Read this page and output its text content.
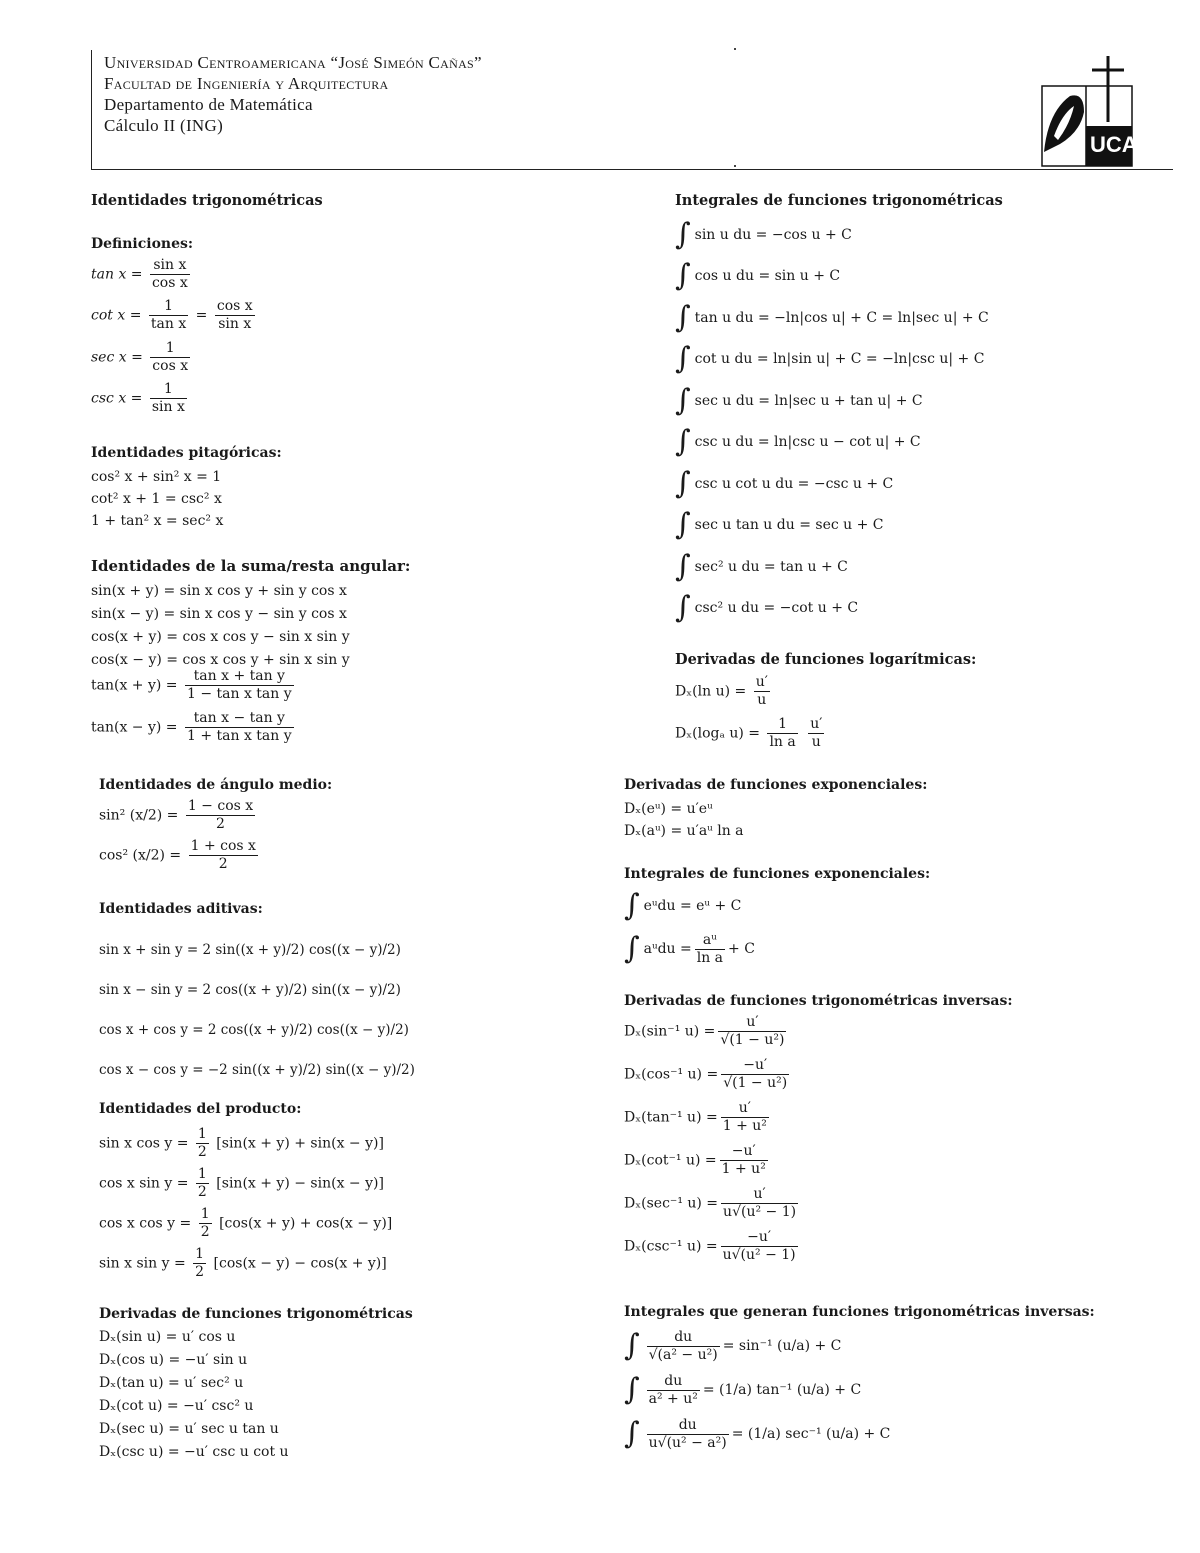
Universidad Centroamericana “José Simeón Cañas”
Facultad de Ingeniería y Arquitectura
Departamento de Matemática
Cálculo II (ING)
UCA
Identidades trigonométricas
Definiciones:
$\tan x = \frac{\text{sin x}}{\text{cos x}}$
$\cot x = \frac{1}{\text{tan x}} = \frac{\text{cos x}}{\text{sin x}}$
$\sec x = \frac{1}{\text{cos x}}$
$\csc x = \frac{1}{\text{sin x}}$
Identidades pitagóricas:
cos² x + sin² x = 1
cot² x + 1 = csc² x
1 + tan² x = sec² x
Identidades de la suma/resta angular:
sin(x + y) = sin x cos y + sin y cos x
sin(x − y) = sin x cos y − sin y cos x
cos(x + y) = cos x cos y − sin x sin y
cos(x − y) = cos x cos y + sin x sin y
$\tan(x + y) = \frac{\text{tan x + tan y}}{\text{1 − tan x tan y}}$
$\tan(x - y) = \frac{\text{tan x − tan y}}{\text{1 + tan x tan y}}$
Identidades de ángulo medio:
sin² $(x/2) = \frac{\text{1 − cos x}}{2}$
cos² $(x/2) = \frac{\text{1 + cos x}}{2}$
Identidades aditivas:
sin x + sin y = 2 sin((x + y)/2) cos((x − y)/2)
sin x − sin y = 2 cos((x + y)/2) sin((x − y)/2)
cos x + cos y = 2 cos((x + y)/2) cos((x − y)/2)
cos x − cos y = −2 sin((x + y)/2) sin((x − y)/2)
Identidades del producto:
sin x $\cos y = \frac{1}{2} [\sin(x + y) + \sin(x - y)]$
cos x $\sin y = \frac{1}{2} [\sin(x + y) - \sin(x - y)]$
cos x $\cos y = \frac{1}{2} [\cos(x + y) + \cos(x - y)]$
sin x $\sin y = \frac{1}{2} [\cos(x - y) - \cos(x + y)]$
Derivadas de funciones trigonométricas
Dₓ(sin u) = u′ cos u
Dₓ(cos u) = −u′ sin u
Dₓ(tan u) = u′ sec² u
Dₓ(cot u) = −u′ csc² u
Dₓ(sec u) = u′ sec u tan u
Dₓ(csc u) = −u′ csc u cot u
Integrales de funciones trigonométricas
∫ sin u du = −cos u + C
∫ cos u du = sin u + C
∫ tan u du = −ln|cos u| + C = ln|sec u| + C
∫ cot u du = ln|sin u| + C = −ln|csc u| + C
∫ sec u du = ln|sec u + tan u| + C
∫ csc u du = ln|csc u − cot u| + C
∫ csc u cot u du = −csc u + C
∫ sec u tan u du = sec u + C
∫ sec² u du = tan u + C
∫ csc² u du = −cot u + C
Derivadas de funciones logarítmicas:
Dₓ(ln $u) = \frac{u'}{u}$
Dₓ(logₐ $u) = \frac{1}{\text{ln a}}$
$\frac{u'}{u}$
Derivadas de funciones exponenciales:
Dₓ(eᵘ) = u′eᵘ
Dₓ(aᵘ) = u′aᵘ ln a
Integrales de funciones exponenciales:
∫ eᵘdu = eᵘ + C
∫ aᵘdu = $\frac{\text{aᵘ}}{\text{ln a}} + C$
Derivadas de funciones trigonométricas inversas:
Dₓ(sin⁻¹ $u) = \frac{u'}{\text{√(1 − u²)}}$
Dₓ(cos⁻¹ $u) = \frac{-u'}{\text{√(1 − u²)}}$
Dₓ(tan⁻¹ $u) = \frac{u'}{\text{1 + u²}}$
Dₓ(cot⁻¹ $u) = \frac{-u'}{\text{1 + u²}}$
Dₓ(sec⁻¹ $u) = \frac{u'}{\text{u√(u² − 1)}}$
Dₓ(csc⁻¹ $u) = \frac{-u'}{\text{u√(u² − 1)}}$
Integrales que generan funciones trigonométricas inversas:
∫ $\frac{du}{\text{√(a² − u²)}} = \sin^{-1}$ (u/a) + C
∫ $\frac{du}{\text{a² + u²}} = (1/a)$ tan⁻¹ (u/a) + C
∫ $\frac{du}{\text{u√(u² − a²)}} = (1/a)$ sec⁻¹ (u/a) + C
